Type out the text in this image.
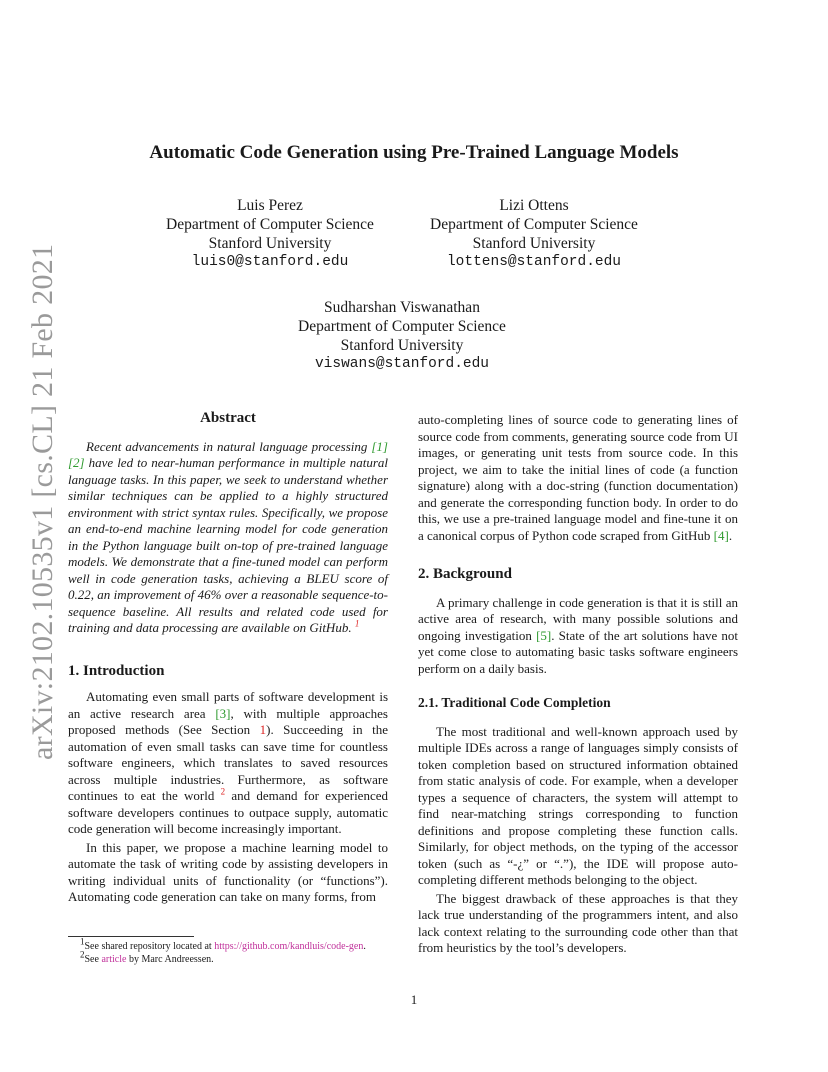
arXiv:2102.10535v1 [cs.CL] 21 Feb 2021
Automatic Code Generation using Pre-Trained Language Models
Luis Perez
Department of Computer Science
Stanford University
luis0@stanford.edu
Lizi Ottens
Department of Computer Science
Stanford University
lottens@stanford.edu
Sudharshan Viswanathan
Department of Computer Science
Stanford University
viswans@stanford.edu
Abstract

Recent advancements in natural language processing [1] [2] have led to near-human performance in multiple natural language tasks. In this paper, we seek to understand whether similar techniques can be applied to a highly structured environment with strict syntax rules. Specifically, we propose an end-to-end machine learning model for code generation in the Python language built on-top of pre-trained language models. We demonstrate that a fine-tuned model can perform well in code generation tasks, achieving a BLEU score of 0.22, an improvement of 46% over a reasonable sequence-to-sequence baseline. All results and related code used for training and data processing are available on GitHub. $^1$

1. Introduction

Automating even small parts of software development is an active research area [3], with multiple approaches proposed methods (See Section 1). Succeeding in the automation of even small tasks can save time for countless software engineers, which translates to saved resources across multiple industries. Furthermore, as software continues to eat the world $^2$ and demand for experienced software developers continues to outpace supply, automatic code generation will become increasingly important.

In this paper, we propose a machine learning model to automate the task of writing code by assisting developers in writing individual units of functionality (or “functions”). Automating code generation can take on many forms, from

$^1$See shared repository located at https://github.com/kandluis/code-gen.
$^2$See article by Marc Andreessen.

auto-completing lines of source code to generating lines of source code from comments, generating source code from UI images, or generating unit tests from source code. In this project, we aim to take the initial lines of code (a function signature) along with a doc-string (function documentation) and generate the corresponding function body. In order to do this, we use a pre-trained language model and fine-tune it on a canonical corpus of Python code scraped from GitHub [4].

2. Background

A primary challenge in code generation is that it is still an active area of research, with many possible solutions and ongoing investigation [5]. State of the art solutions have not yet come close to automating basic tasks software engineers perform on a daily basis.

2.1. Traditional Code Completion

The most traditional and well-known approach used by multiple IDEs across a range of languages simply consists of token completion based on structured information obtained from static analysis of code. For example, when a developer types a sequence of characters, the system will attempt to find near-matching strings corresponding to function definitions and propose completing these function calls. Similarly, for object methods, on the typing of the accessor token (such as “-¿” or “.”), the IDE will propose auto-completing different methods belonging to the object.

The biggest drawback of these approaches is that they lack true understanding of the programmers intent, and also lack context relating to the surrounding code other than that from heuristics by the tool’s developers.

1
